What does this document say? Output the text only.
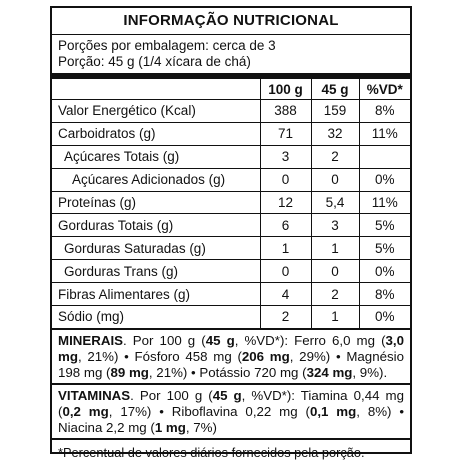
INFORMAÇÃO NUTRICIONAL
Porções por embalagem: cerca de 3
Porção: 45 g (1/4 xícara de chá)
	100 g	45 g	%VD*
Valor Energético (Kcal)	388	159	8%
Carboidratos (g)	71	32	11%
Açúcares Totais (g)	3	2	
Açúcares Adicionados (g)	0	0	0%
Proteínas (g)	12	5,4	11%
Gorduras Totais (g)	6	3	5%
Gorduras Saturadas (g)	1	1	5%
Gorduras Trans (g)	0	0	0%
Fibras Alimentares (g)	4	2	8%
Sódio (mg)	2	1	0%
MINERAIS. Por 100 g (45 g, %VD*): Ferro 6,0 mg (3,0 mg, 21%) • Fósforo 458 mg (206 mg, 29%) • Magnésio 198 mg (89 mg, 21%) • Potássio 720 mg (324 mg, 9%).
VITAMINAS. Por 100 g (45 g, %VD*): Tiamina 0,44 mg (0,2 mg, 17%) • Riboflavina 0,22 mg (0,1 mg, 8%) • Niacina 2,2 mg (1 mg, 7%)
*Percentual de valores diários fornecidos pela porção.
